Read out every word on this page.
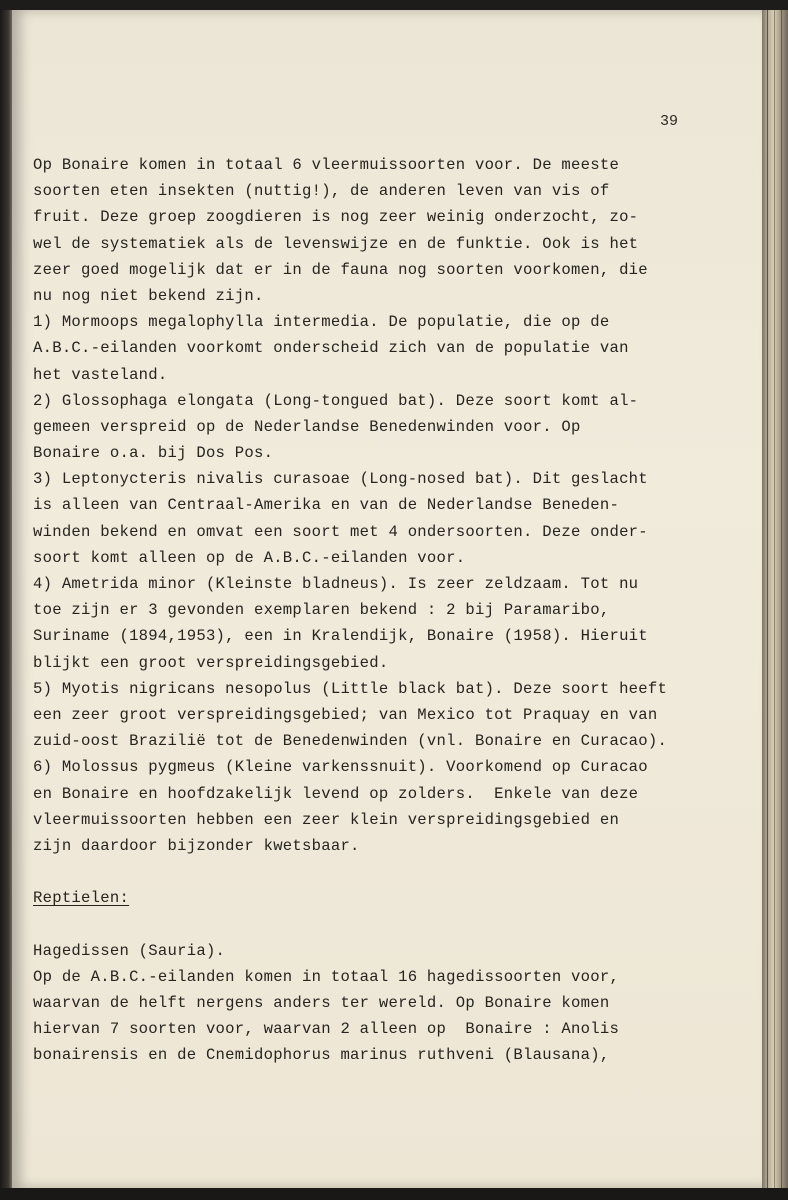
39
Op Bonaire komen in totaal 6 vleermuissoorten voor. De meeste
soorten eten insekten (nuttig!), de anderen leven van vis of
fruit. Deze groep zoogdieren is nog zeer weinig onderzocht, zo-
wel de systematiek als de levenswijze en de funktie. Ook is het
zeer goed mogelijk dat er in de fauna nog soorten voorkomen, die
nu nog niet bekend zijn.
1) Mormoops megalophylla intermedia. De populatie, die op de
A.B.C.-eilanden voorkomt onderscheid zich van de populatie van
het vasteland.
2) Glossophaga elongata (Long-tongued bat). Deze soort komt al-
gemeen verspreid op de Nederlandse Benedenwinden voor. Op
Bonaire o.a. bij Dos Pos.
3) Leptonycteris nivalis curasoae (Long-nosed bat). Dit geslacht
is alleen van Centraal-Amerika en van de Nederlandse Beneden-
winden bekend en omvat een soort met 4 ondersoorten. Deze onder-
soort komt alleen op de A.B.C.-eilanden voor.
4) Ametrida minor (Kleinste bladneus). Is zeer zeldzaam. Tot nu
toe zijn er 3 gevonden exemplaren bekend : 2 bij Paramaribo,
Suriname (1894,1953), een in Kralendijk, Bonaire (1958). Hieruit
blijkt een groot verspreidingsgebied.
5) Myotis nigricans nesopolus (Little black bat). Deze soort heeft
een zeer groot verspreidingsgebied; van Mexico tot Praquay en van
zuid-oost Brazilië tot de Benedenwinden (vnl. Bonaire en Curacao).
6) Molossus pygmeus (Kleine varkenssnuit). Voorkomend op Curacao
en Bonaire en hoofdzakelijk levend op zolders.  Enkele van deze
vleermuissoorten hebben een zeer klein verspreidingsgebied en
zijn daardoor bijzonder kwetsbaar.
Reptielen:
Hagedissen (Sauria).
Op de A.B.C.-eilanden komen in totaal 16 hagedissoorten voor,
waarvan de helft nergens anders ter wereld. Op Bonaire komen
hiervan 7 soorten voor, waarvan 2 alleen op  Bonaire : Anolis
bonairensis en de Cnemidophorus marinus ruthveni (Blausana),
